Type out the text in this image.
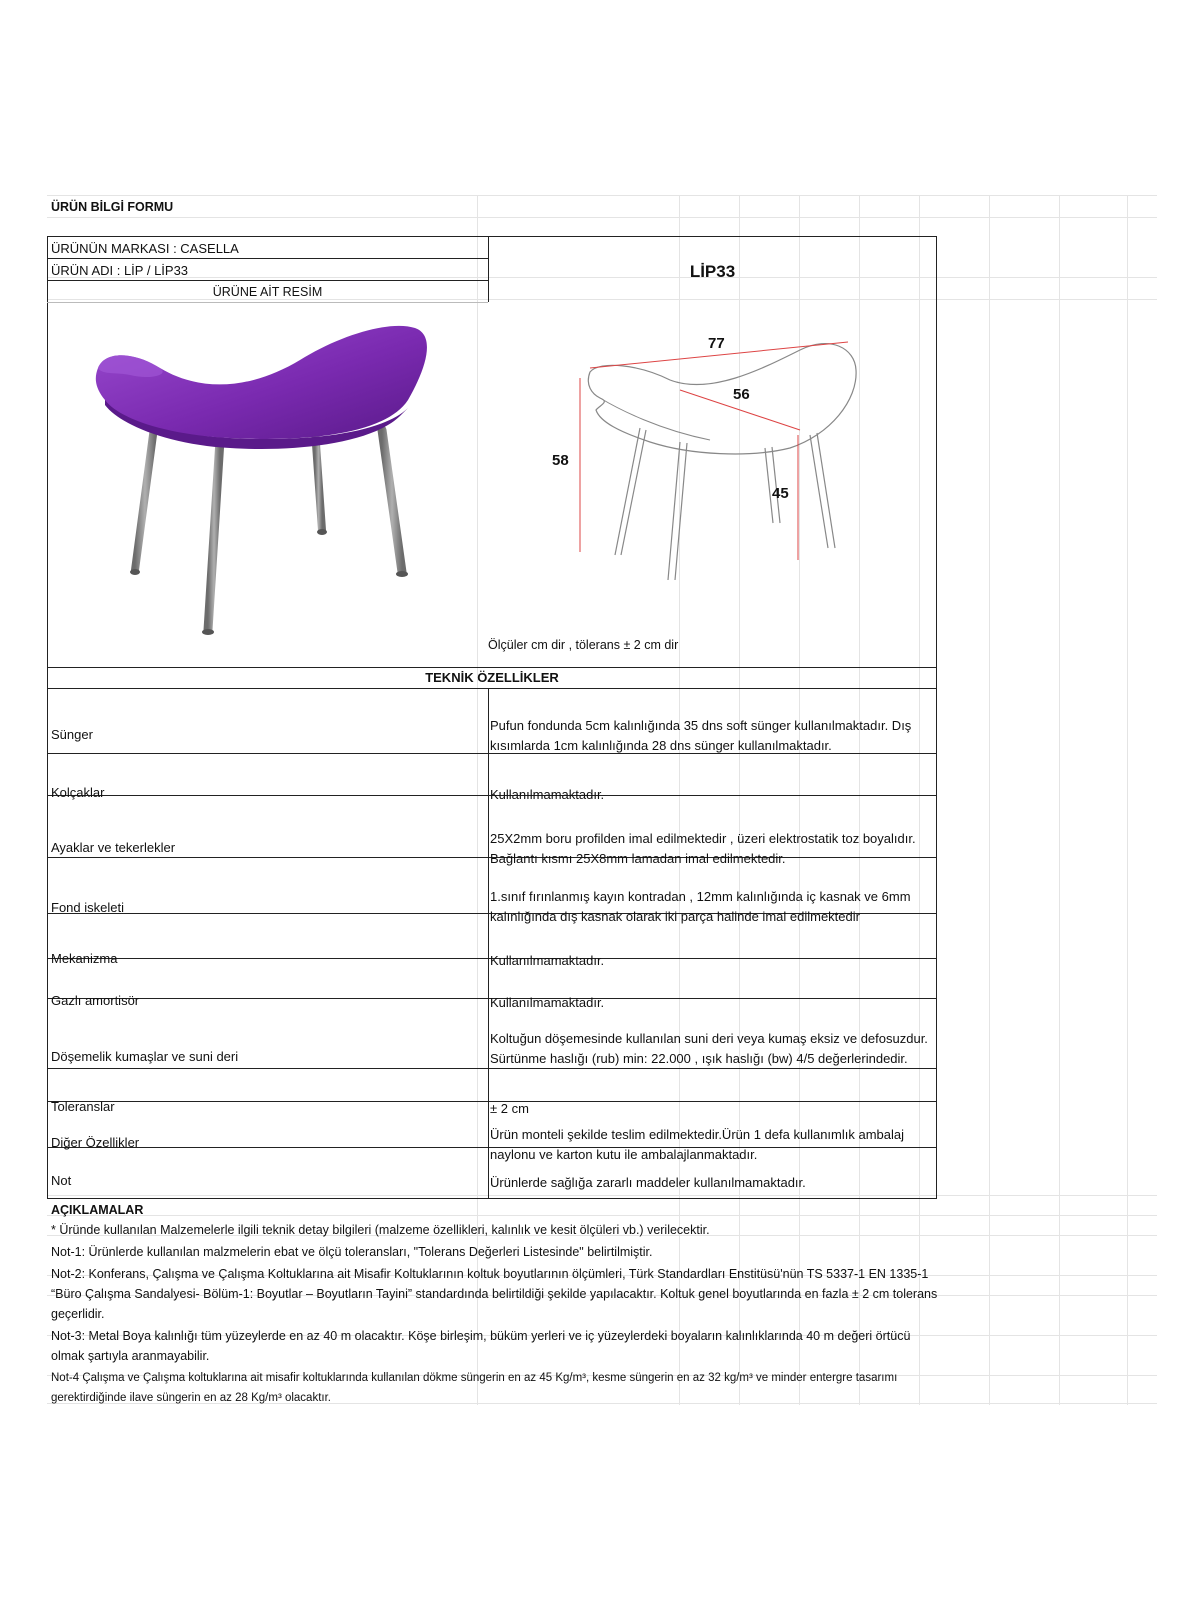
ÜRÜN BİLGİ FORMU
ÜRÜNÜN MARKASI : CASELLA
ÜRÜN ADI : LİP / LİP33
ÜRÜNE AİT RESİM
LİP33
77
56
58
45
Ölçüler cm dir , tölerans ± 2 cm dir
TEKNİK ÖZELLİKLER
Sünger
Kolçaklar
Ayaklar ve tekerlekler
Fond iskeleti
Mekanizma
Gazlı amortisör
Döşemelik kumaşlar ve suni deri
Toleranslar
Diğer Özellikler
Not
Pufun fondunda 5cm kalınlığında 35 dns soft sünger kullanılmaktadır. Dış kısımlarda 1cm kalınlığında 28 dns sünger kullanılmaktadır.
Kullanılmamaktadır.
25X2mm boru profilden imal edilmektedir , üzeri elektrostatik toz boyalıdır. Bağlantı kısmı 25X8mm lamadan imal edilmektedir.
1.sınıf fırınlanmış kayın kontradan , 12mm kalınlığında iç kasnak ve 6mm kalınlığında dış kasnak olarak iki parça halinde imal edilmektedir
Kullanılmamaktadır.
Kullanılmamaktadır.
Koltuğun döşemesinde kullanılan suni deri veya kumaş eksiz ve defosuzdur. Sürtünme haslığı (rub) min: 22.000 , ışık haslığı (bw) 4/5 değerlerindedir.
± 2 cm
Ürün monteli şekilde teslim edilmektedir.Ürün 1 defa kullanımlık ambalaj naylonu ve karton kutu ile ambalajlanmaktadır.
Ürünlerde sağlığa zararlı maddeler kullanılmamaktadır.
AÇIKLAMALAR
* Üründe kullanılan Malzemelerle ilgili teknik detay bilgileri (malzeme özellikleri, kalınlık ve kesit ölçüleri vb.) verilecektir.
Not-1: Ürünlerde kullanılan malzmelerin ebat ve ölçü toleransları, "Tolerans Değerleri Listesinde" belirtilmiştir.
Not-2: Konferans, Çalışma ve Çalışma Koltuklarına ait Misafir Koltuklarının koltuk boyutlarının ölçümleri, Türk Standardları Enstitüsü'nün TS 5337-1 EN 1335-1 “Büro Çalışma Sandalyesi- Bölüm-1: Boyutlar – Boyutların Tayini” standardında belirtildiği şekilde yapılacaktır. Koltuk genel boyutlarında en fazla ± 2 cm tolerans geçerlidir.
Not-3: Metal Boya kalınlığı tüm yüzeylerde en az 40 m olacaktır. Köşe birleşim, büküm yerleri ve iç yüzeylerdeki boyaların kalınlıklarında 40 m değeri örtücü olmak şartıyla aranmayabilir.
Not-4 Çalışma ve Çalışma koltuklarına ait misafir koltuklarında kullanılan dökme süngerin en az 45 Kg/m³, kesme süngerin en az 32 kg/m³ ve minder entergre tasarımı gerektirdiğinde ilave süngerin en az 28 Kg/m³ olacaktır.
